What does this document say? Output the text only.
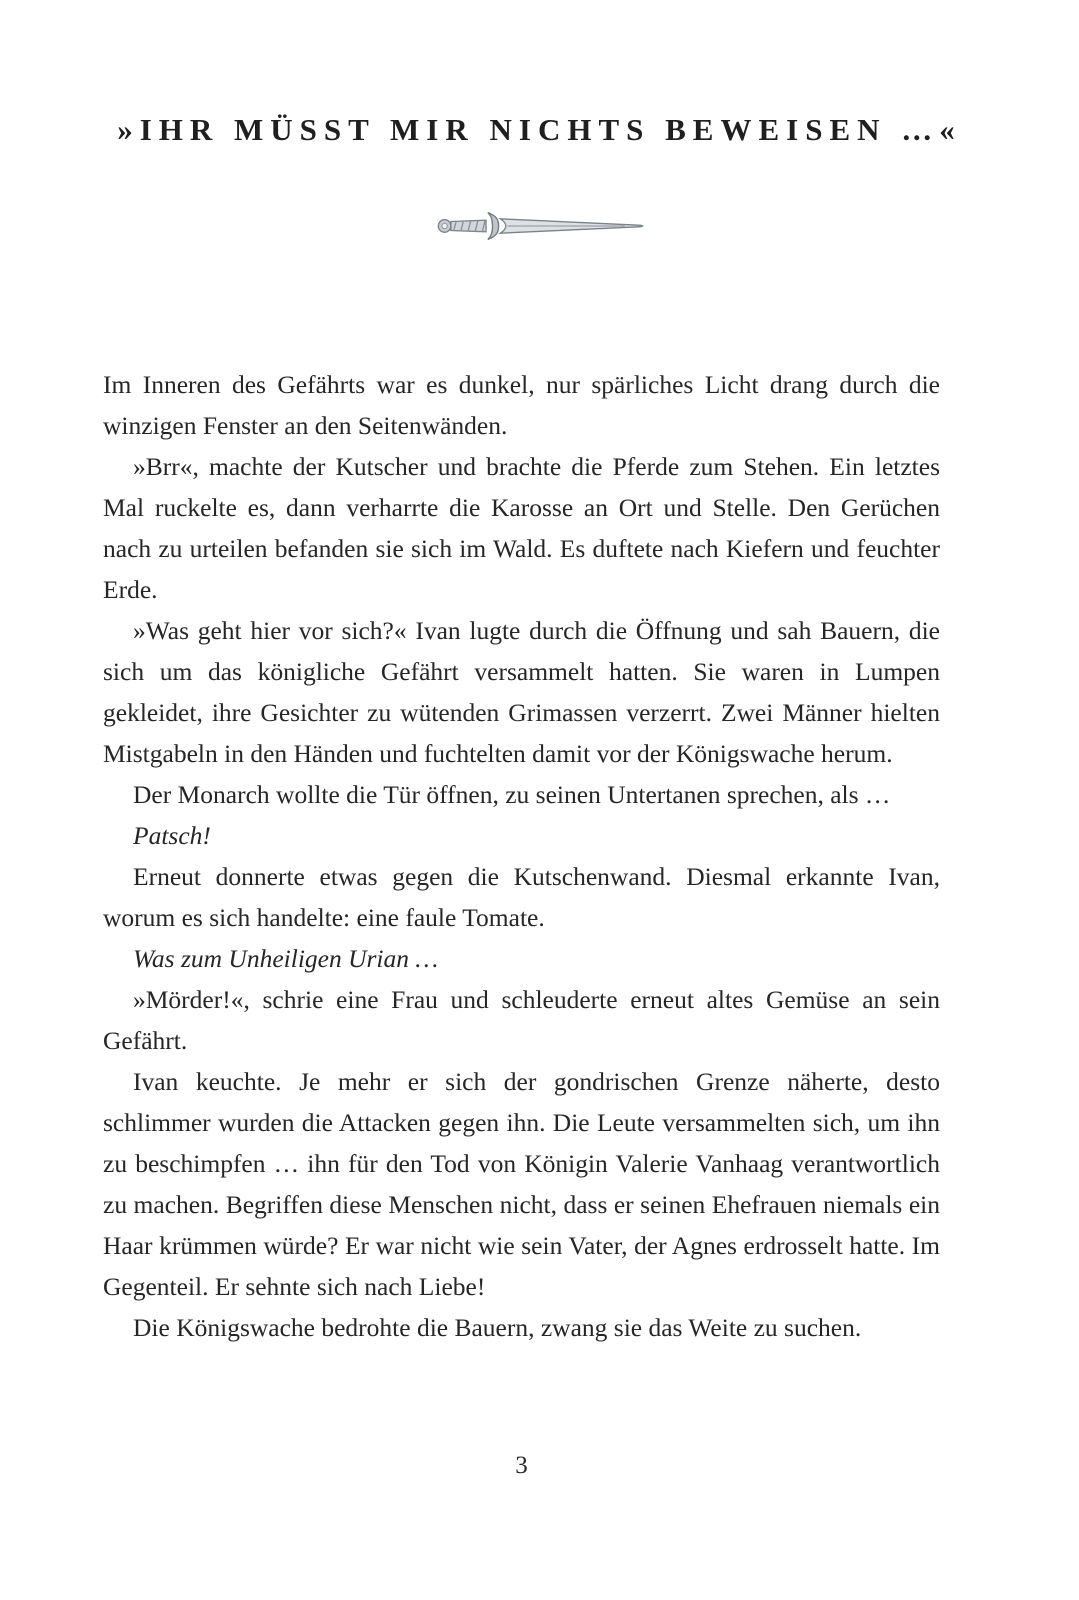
»IHR MÜSST MIR NICHTS BEWEISEN …«

Im Inneren des Gefährts war es dunkel, nur spärliches Licht drang durch die winzigen Fenster an den Seitenwänden.

»Brr«, machte der Kutscher und brachte die Pferde zum Stehen. Ein letztes Mal ruckelte es, dann verharrte die Karosse an Ort und Stelle. Den Gerüchen nach zu urteilen befanden sie sich im Wald. Es duftete nach Kiefern und feuchter Erde.

»Was geht hier vor sich?« Ivan lugte durch die Öffnung und sah Bauern, die sich um das königliche Gefährt versammelt hatten. Sie waren in Lumpen gekleidet, ihre Gesichter zu wütenden Grimassen verzerrt. Zwei Männer hielten Mistgabeln in den Händen und fuchtelten damit vor der Königswache herum.

Der Monarch wollte die Tür öffnen, zu seinen Untertanen sprechen, als …

Patsch!

Erneut donnerte etwas gegen die Kutschenwand. Diesmal erkannte Ivan, worum es sich handelte: eine faule Tomate.

Was zum Unheiligen Urian …

»Mörder!«, schrie eine Frau und schleuderte erneut altes Gemüse an sein Gefährt.

Ivan keuchte. Je mehr er sich der gondrischen Grenze näherte, desto schlimmer wurden die Attacken gegen ihn. Die Leute versammelten sich, um ihn zu beschimpfen … ihn für den Tod von Königin Valerie Vanhaag verantwortlich zu machen. Begriffen diese Menschen nicht, dass er seinen Ehefrauen niemals ein Haar krümmen würde? Er war nicht wie sein Vater, der Agnes erdrosselt hatte. Im Gegenteil. Er sehnte sich nach Liebe!

Die Königswache bedrohte die Bauern, zwang sie das Weite zu suchen.

3
